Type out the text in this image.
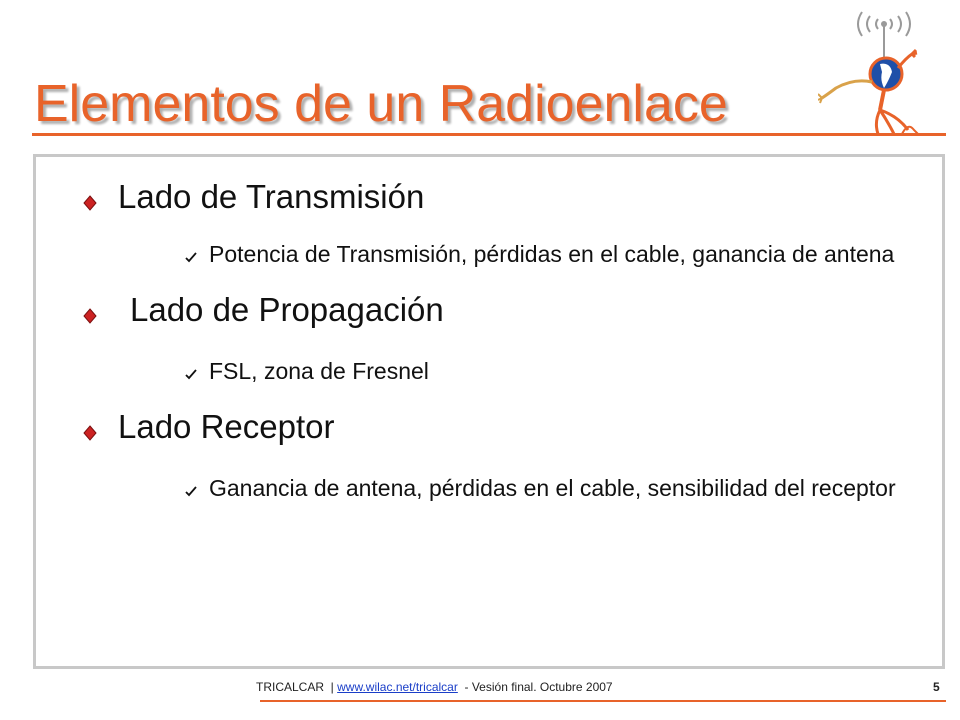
Elementos de un Radioenlace
Lado de Transmisión
Potencia de Transmisión, pérdidas en el cable, ganancia de antena
Lado de Propagación
FSL, zona de Fresnel
Lado Receptor
Ganancia de antena, pérdidas en el cable, sensibilidad del receptor
TRICALCAR  | www.wilac.net/tricalcar  - Vesión final. Octubre 2007	5
